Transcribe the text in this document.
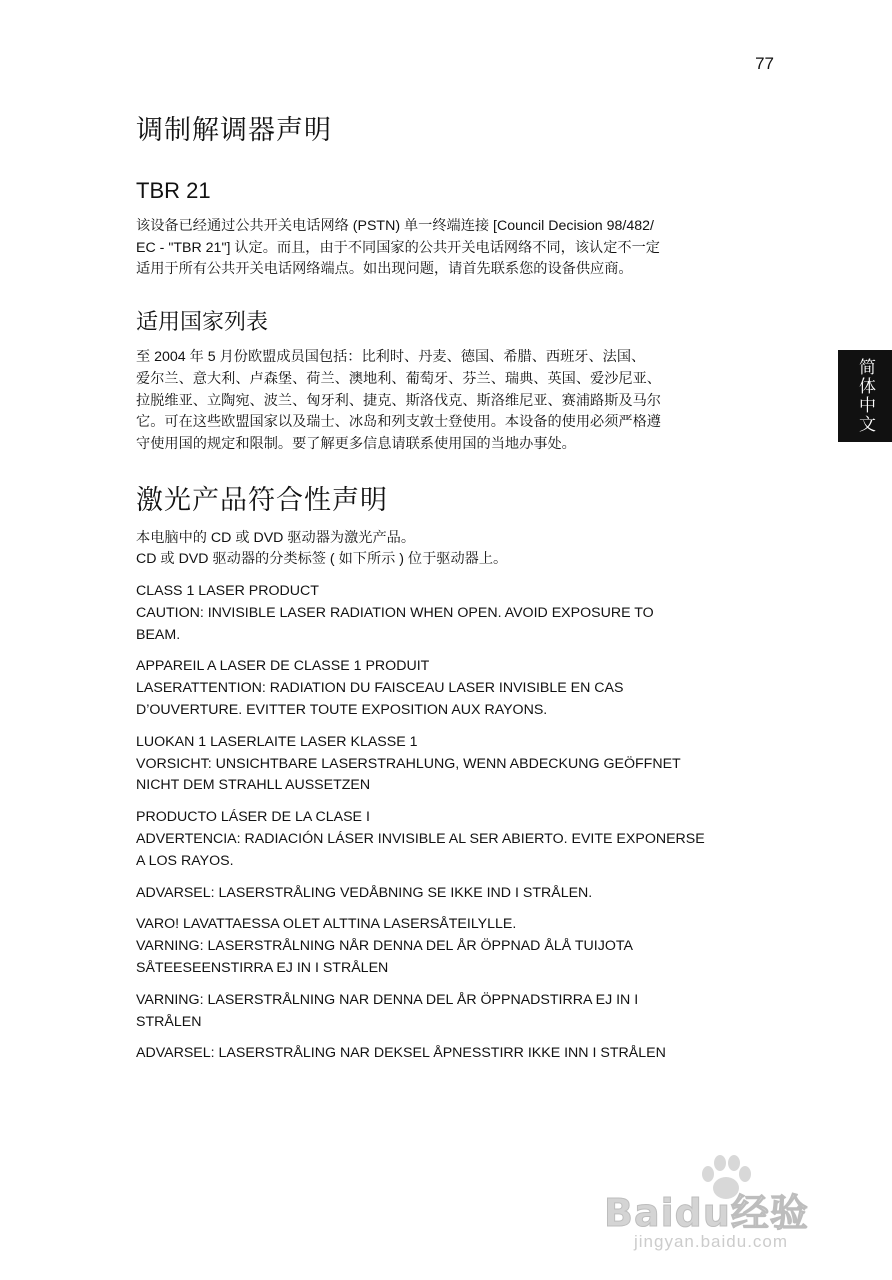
77
简体中文
调制解调器声明
TBR 21

该设备已经通过公共开关电话网络 (PSTN) 单一终端连接 [Council Decision 98/482/
EC - "TBR 21"] 认定。而且，由于不同国家的公共开关电话网络不同，该认定不一定
适用于所有公共开关电话网络端点。如出现问题，请首先联系您的设备供应商。

适用国家列表

至 2004 年 5 月份欧盟成员国包括：比利时、丹麦、德国、希腊、西班牙、法国、
爱尔兰、意大利、卢森堡、荷兰、澳地利、葡萄牙、芬兰、瑞典、英国、爱沙尼亚、
拉脱维亚、立陶宛、波兰、匈牙利、捷克、斯洛伐克、斯洛维尼亚、赛浦路斯及马尔
它。可在这些欧盟国家以及瑞士、冰岛和列支敦士登使用。本设备的使用必须严格遵
守使用国的规定和限制。要了解更多信息请联系使用国的当地办事处。

激光产品符合性声明

本电脑中的 CD 或 DVD 驱动器为激光产品。
CD 或 DVD 驱动器的分类标签 ( 如下所示 ) 位于驱动器上。

CLASS 1 LASER PRODUCT
CAUTION: INVISIBLE LASER RADIATION WHEN OPEN. AVOID EXPOSURE TO
BEAM.

APPAREIL A LASER DE CLASSE 1 PRODUIT
LASERATTENTION: RADIATION DU FAISCEAU LASER INVISIBLE EN CAS
D’OUVERTURE. EVITTER TOUTE EXPOSITION AUX RAYONS.

LUOKAN 1 LASERLAITE LASER KLASSE 1
VORSICHT: UNSICHTBARE LASERSTRAHLUNG, WENN ABDECKUNG GEÖFFNET
NICHT DEM STRAHLL AUSSETZEN

PRODUCTO LÁSER DE LA CLASE I
ADVERTENCIA: RADIACIÓN LÁSER INVISIBLE AL SER ABIERTO. EVITE EXPONERSE
A LOS RAYOS.

ADVARSEL: LASERSTRÅLING VEDÅBNING SE IKKE IND I STRÅLEN.

VARO! LAVATTAESSA OLET ALTTINA LASERSÅTEILYLLE.
VARNING: LASERSTRÅLNING NÅR DENNA DEL ÅR ÖPPNAD ÅLÅ TUIJOTA
SÅTEESEENSTIRRA EJ IN I STRÅLEN

VARNING: LASERSTRÅLNING NAR DENNA DEL ÅR ÖPPNADSTIRRA EJ IN I
STRÅLEN

ADVARSEL: LASERSTRÅLING NAR DEKSEL ÅPNESSTIRR IKKE INN I STRÅLEN

Baidu经验
jingyan.baidu.com
